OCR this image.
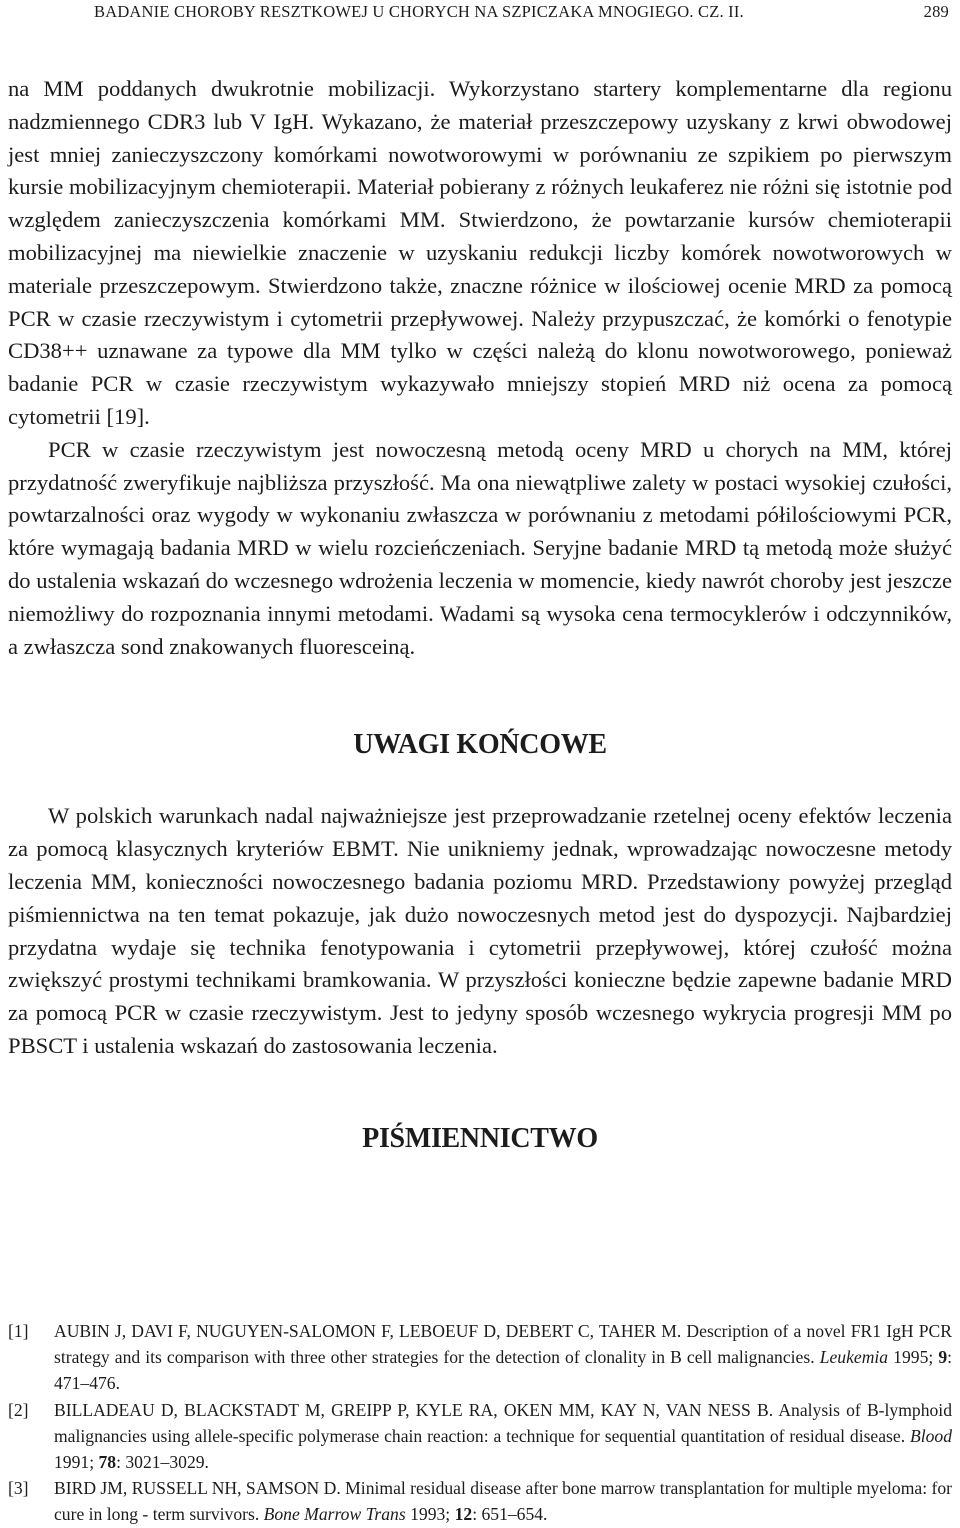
BADANIE CHOROBY RESZTKOWEJ U CHORYCH NA SZPICZAKA MNOGIEGO. CZ. II.	289

na MM poddanych dwukrotnie mobilizacji. Wykorzystano startery komplementarne dla regionu nadzmiennego CDR3 lub V IgH. Wykazano, że materiał przeszczepowy uzyskany z krwi obwodowej jest mniej zanieczyszczony komórkami nowotworowymi w porównaniu ze szpikiem po pierwszym kursie mobilizacyjnym chemioterapii. Materiał pobierany z różnych leukaferez nie różni się istotnie pod względem zanieczyszczenia komórkami MM. Stwierdzono, że powtarzanie kursów chemioterapii mobilizacyjnej ma niewielkie znaczenie w uzyskaniu redukcji liczby komórek nowotworowych w materiale przeszczepowym. Stwierdzono także, znaczne różnice w ilościowej ocenie MRD za pomocą PCR w czasie rzeczywistym i cytometrii przepływowej. Należy przypuszczać, że komórki o fenotypie CD38++ uznawane za typowe dla MM tylko w części należą do klonu nowotworowego, ponieważ badanie PCR w czasie rzeczywistym wykazywało mniejszy stopień MRD niż ocena za pomocą cytometrii [19].

PCR w czasie rzeczywistym jest nowoczesną metodą oceny MRD u chorych na MM, której przydatność zweryfikuje najbliższa przyszłość. Ma ona niewątpliwe zalety w postaci wysokiej czułości, powtarzalności oraz wygody w wykonaniu zwłaszcza w porównaniu z metodami półilościowymi PCR, które wymagają badania MRD w wielu rozcieńczeniach. Seryjne badanie MRD tą metodą może służyć do ustalenia wskazań do wczesnego wdrożenia leczenia w momencie, kiedy nawrót choroby jest jeszcze niemożliwy do rozpoznania innymi metodami. Wadami są wysoka cena termocyklerów i odczynników, a zwłaszcza sond znakowanych fluoresceiną.

UWAGI KOŃCOWE

W polskich warunkach nadal najważniejsze jest przeprowadzanie rzetelnej oceny efektów leczenia za pomocą klasycznych kryteriów EBMT. Nie unikniemy jednak, wprowadzając nowoczesne metody leczenia MM, konieczności nowoczesnego badania poziomu MRD. Przedstawiony powyżej przegląd piśmiennictwa na ten temat pokazuje, jak dużo nowoczesnych metod jest do dyspozycji. Najbardziej przydatna wydaje się technika fenotypowania i cytometrii przepływowej, której czułość można zwiększyć prostymi technikami bramkowania. W przyszłości konieczne będzie zapewne badanie MRD za pomocą PCR w czasie rzeczywistym. Jest to jedyny sposób wczesnego wykrycia progresji MM po PBSCT i ustalenia wskazań do zastosowania leczenia.

PIŚMIENNICTWO
[1]	AUBIN J, DAVI F, NUGUYEN-SALOMON F, LEBOEUF D, DEBERT C, TAHER M. Description of a novel FR1 IgH PCR strategy and its comparison with three other strategies for the detection of clonality in B cell malignancies. Leukemia 1995; 9: 471–476.
[2]	BILLADEAU D, BLACKSTADT M, GREIPP P, KYLE RA, OKEN MM, KAY N, VAN NESS B. Analysis of B-lymphoid malignancies using allele-specific polymerase chain reaction: a technique for sequential quantitation of residual disease. Blood 1991; 78: 3021–3029.
[3]	BIRD JM, RUSSELL NH, SAMSON D. Minimal residual disease after bone marrow transplantation for multiple myeloma: for cure in long - term survivors. Bone Marrow Trans 1993; 12: 651–654.
